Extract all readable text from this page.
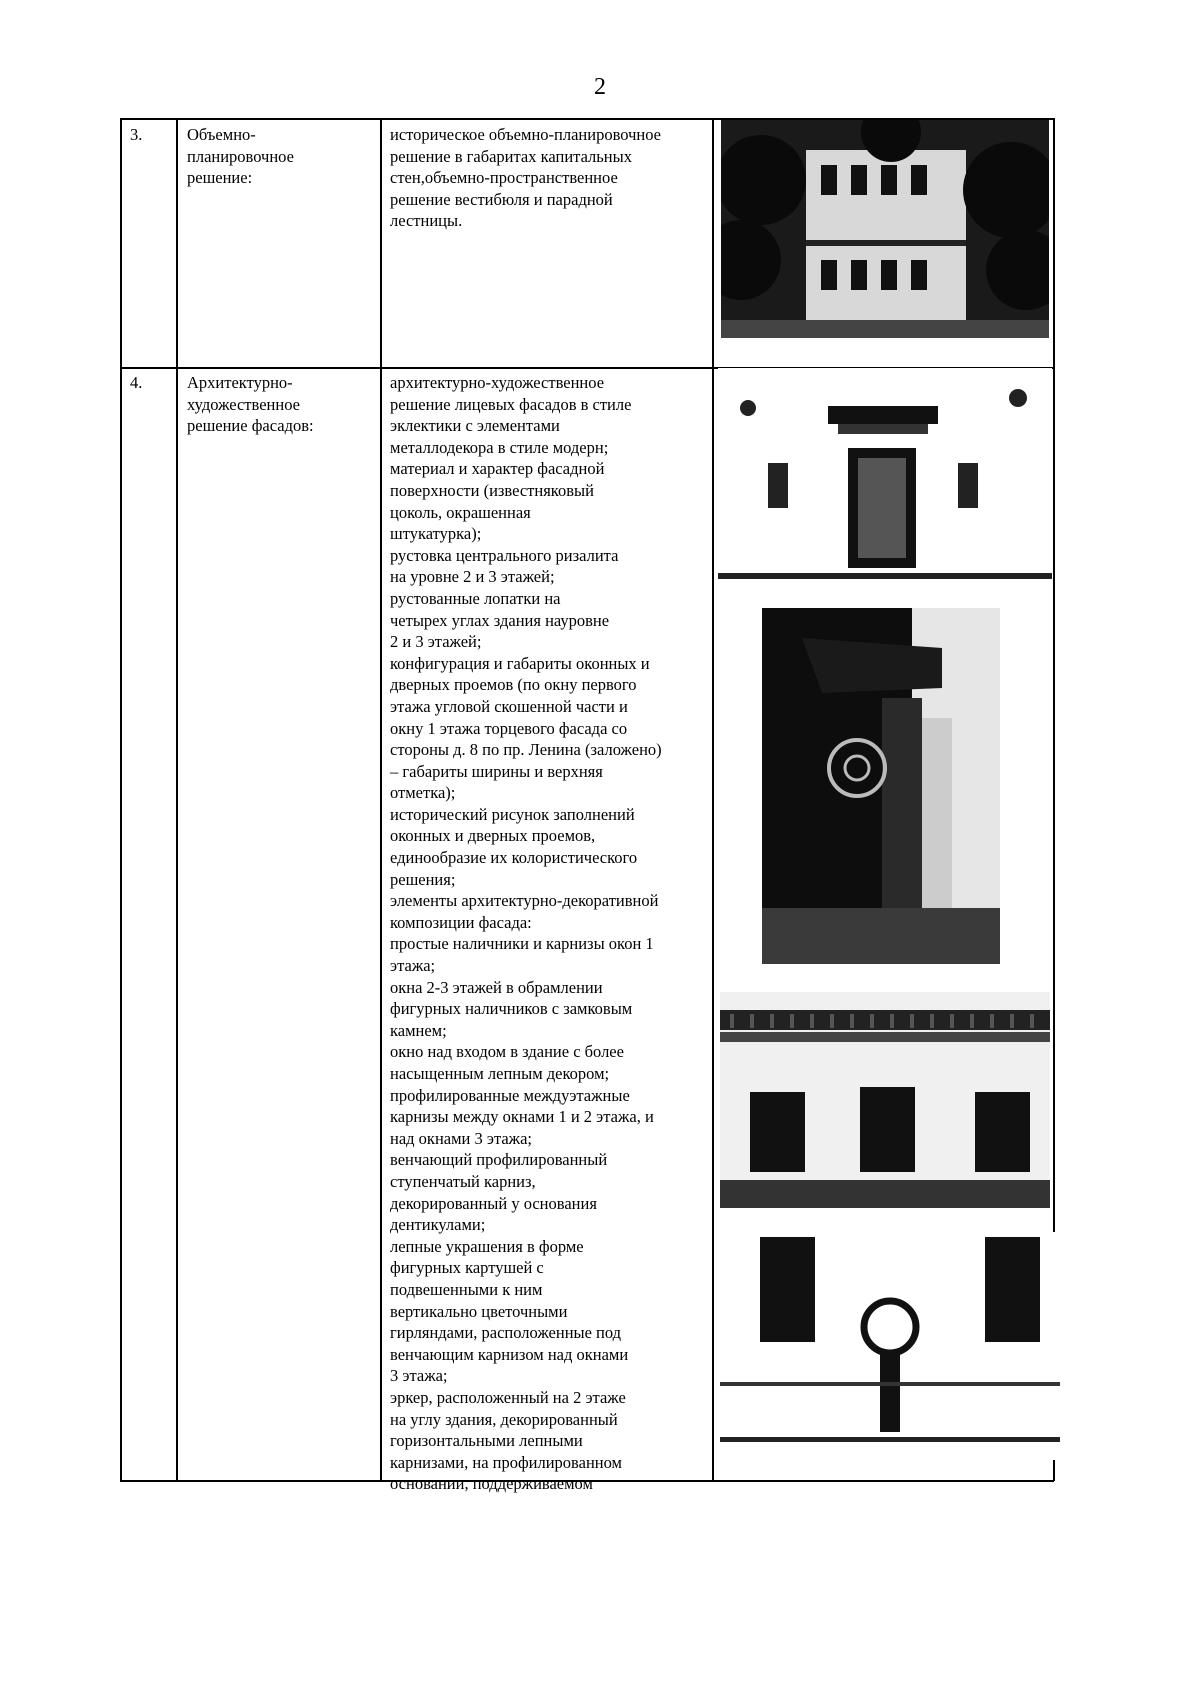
2
3.	Объемно-
планировочное
решение:
историческое объемно-планировочное
решение в габаритах капитальных
стен,объемно-пространственное
решение вестибюля и парадной
лестницы.
4.	Архитектурно-
художественное
решение фасадов:
архитектурно-художественное
решение лицевых фасадов в стиле
эклектики с элементами
металлодекора в стиле модерн;
материал и характер фасадной
поверхности (известняковый
цоколь, окрашенная
штукатурка);
рустовка центрального ризалита
на уровне 2 и 3 этажей;
рустованные лопатки на
четырех углах здания науровне
2 и 3 этажей;
конфигурация и габариты оконных и
дверных проемов (по окну первого
этажа угловой скошенной части и
окну 1 этажа торцевого фасада со
стороны д. 8 по пр. Ленина (заложено)
– габариты ширины и верхняя
отметка);
исторический рисунок заполнений
оконных и дверных проемов,
единообразие их колористического
решения;
элементы архитектурно-декоративной
композиции фасада:
простые наличники и карнизы окон 1
этажа;
окна 2-3 этажей в обрамлении
фигурных наличников с замковым
камнем;
окно над входом в здание с более
насыщенным лепным декором;
профилированные междуэтажные
карнизы между окнами 1 и 2 этажа, и
над окнами 3 этажа;
венчающий профилированный
ступенчатый карниз,
декорированный у основания
дентикулами;
лепные украшения в форме
фигурных картушей с
подвешенными к ним
вертикально цветочными
гирляндами, расположенные под
венчающим карнизом над окнами
3 этажа;
эркер, расположенный на 2 этаже
на углу здания, декорированный
горизонтальными лепными
карнизами, на профилированном
основании, поддерживаемом
